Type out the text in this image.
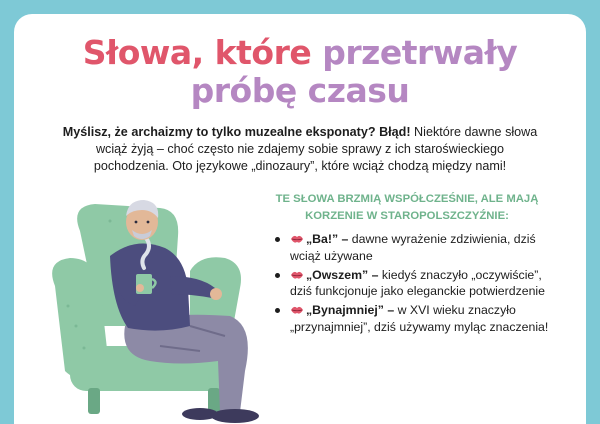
Słowa, które przetrwały
próbę czasu
Myślisz, że archaizmy to tylko muzealne eksponaty? Błąd! Niektóre dawne słowa wciąż żyją – choć często nie zdajemy sobie sprawy z ich staroświeckiego pochodzenia. Oto językowe „dinozaury”, które wciąż chodzą między nami!
TE SŁOWA BRZMIĄ WSPÓŁCZEŚNIE, ALE MAJĄ KORZENIE W STAROPOLSZCZYŹNIE:
„Ba!” – dawne wyrażenie zdziwienia, dziś wciąż używane
„Owszem” – kiedyś znaczyło „oczywiście”, dziś funkcjonuje jako eleganckie potwierdzenie
„Bynajmniej” – w XVI wieku znaczyło „przynajmniej”, dziś używamy myląc znaczenia!
